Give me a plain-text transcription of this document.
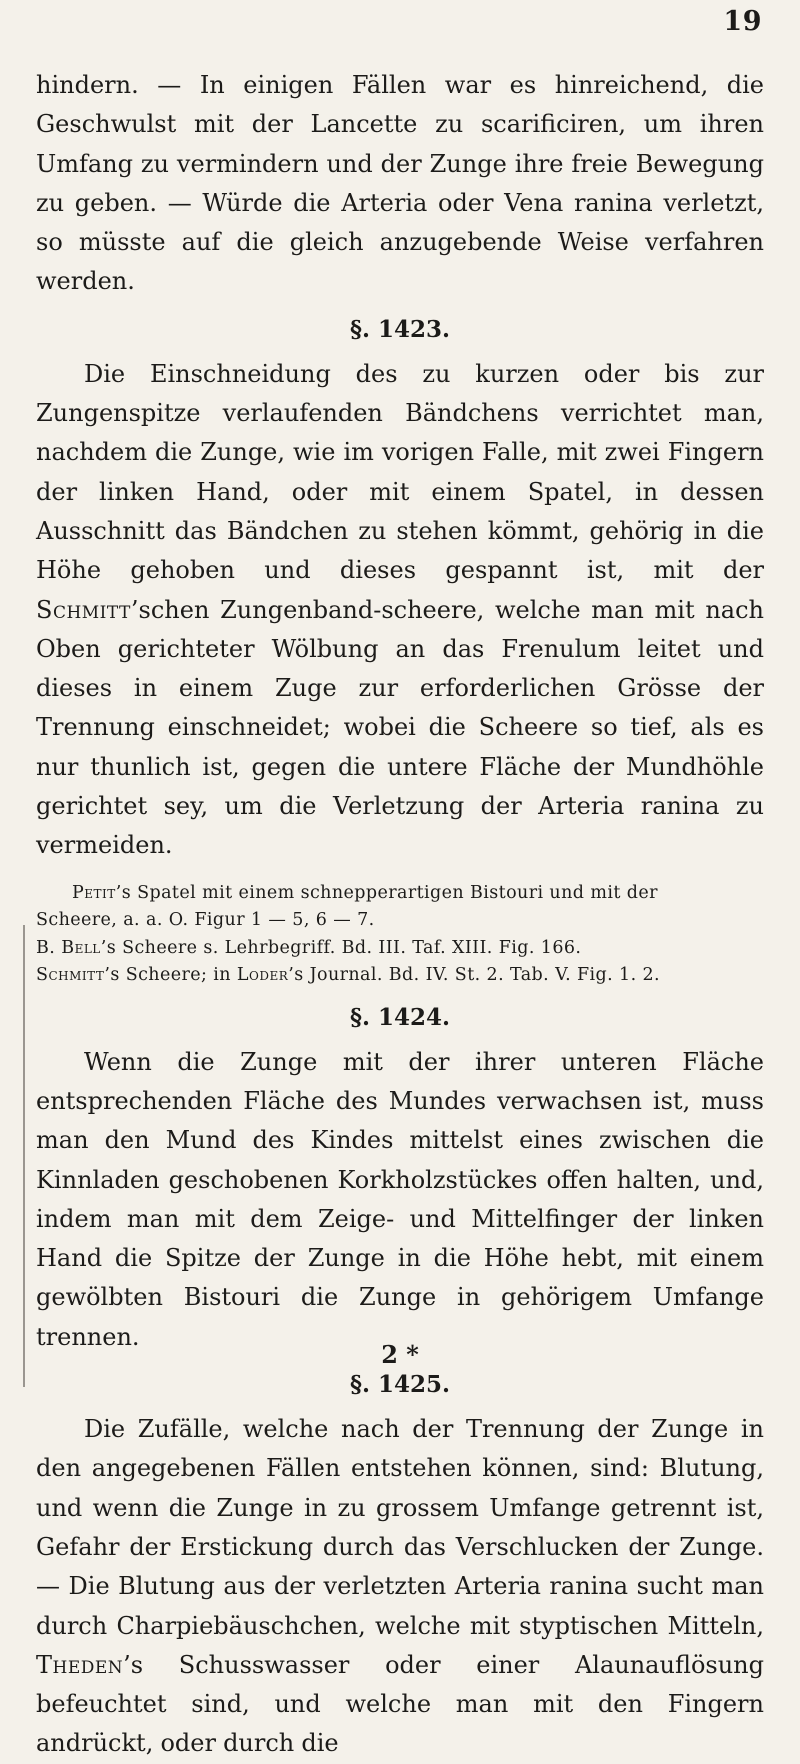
19

hindern. — In einigen Fällen war es hinreichend, die Geschwulst mit der Lancette zu scarificiren, um ihren Umfang zu vermindern und der Zunge ihre freie Bewegung zu geben. — Würde die Arteria oder Vena ranina verletzt, so müsste auf die gleich anzugebende Weise verfahren werden.

§. 1423.

Die Einschneidung des zu kurzen oder bis zur Zungenspitze verlaufenden Bändchens verrichtet man, nachdem die Zunge, wie im vorigen Falle, mit zwei Fingern der linken Hand, oder mit einem Spatel, in dessen Ausschnitt das Bändchen zu stehen kömmt, gehörig in die Höhe gehoben und dieses gespannt ist, mit der Schmitt’schen Zungenband-scheere, welche man mit nach Oben gerichteter Wölbung an das Frenulum leitet und dieses in einem Zuge zur erforderlichen Grösse der Trennung einschneidet; wobei die Scheere so tief, als es nur thunlich ist, gegen die untere Fläche der Mundhöhle gerichtet sey, um die Verletzung der Arteria ranina zu vermeiden.

Petit’s Spatel mit einem schnepperartigen Bistouri und mit der
Scheere, a. a. O. Figur 1 — 5, 6 — 7.
B. Bell’s Scheere s. Lehrbegriff. Bd. III. Taf. XIII. Fig. 166.
Schmitt’s Scheere; in Loder’s Journal. Bd. IV. St. 2. Tab. V. Fig. 1. 2.
§. 1424.

Wenn die Zunge mit der ihrer unteren Fläche entsprechenden Fläche des Mundes verwachsen ist, muss man den Mund des Kindes mittelst eines zwischen die Kinnladen geschobenen Korkholzstückes offen halten, und, indem man mit dem Zeige- und Mittelfinger der linken Hand die Spitze der Zunge in die Höhe hebt, mit einem gewölbten Bistouri die Zunge in gehörigem Umfange trennen.

§. 1425.

Die Zufälle, welche nach der Trennung der Zunge in den angegebenen Fällen entstehen können, sind: Blutung, und wenn die Zunge in zu grossem Umfange getrennt ist, Gefahr der Erstickung durch das Verschlucken der Zunge. — Die Blutung aus der verletzten Arteria ranina sucht man durch Charpiebäuschchen, welche mit styptischen Mitteln, Theden’s Schusswasser oder einer Alaunauflösung befeuchtet sind, und welche man mit den Fingern andrückt, oder durch die

2 *
